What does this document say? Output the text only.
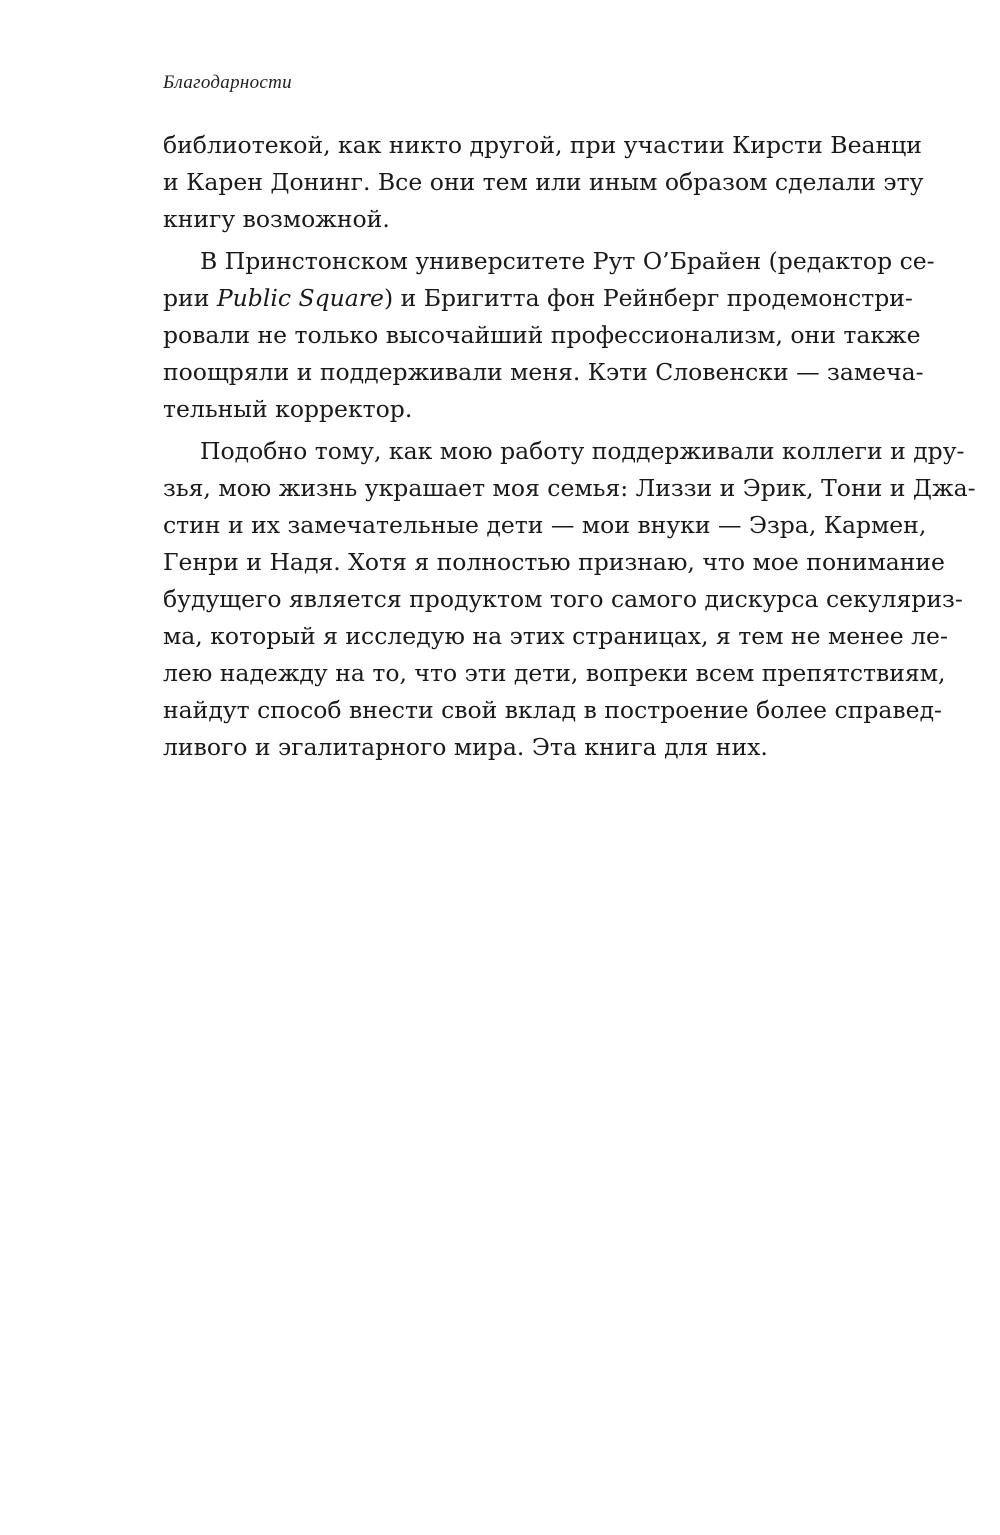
Благодарности
библиотекой, как никто другой, при участии Кирсти Веанци
и Карен Донинг. Все они тем или иным образом сделали эту
книгу возможной.
В Принстонском университете Рут О’Брайен (редактор се-
рии Public Square) и Бригитта фон Рейнберг продемонстри-
ровали не только высочайший профессионализм, они также
поощряли и поддерживали меня. Кэти Словенски — замеча-
тельный корректор.
Подобно тому, как мою работу поддерживали коллеги и дру-
зья, мою жизнь украшает моя семья: Лиззи и Эрик, Тони и Джа-
стин и их замечательные дети — мои внуки — Эзра, Кармен,
Генри и Надя. Хотя я полностью признаю, что мое понимание
будущего является продуктом того самого дискурса секуляриз-
ма, который я исследую на этих страницах, я тем не менее ле-
лею надежду на то, что эти дети, вопреки всем препятствиям,
найдут способ внести свой вклад в построение более справед-
ливого и эгалитарного мира. Эта книга для них.
